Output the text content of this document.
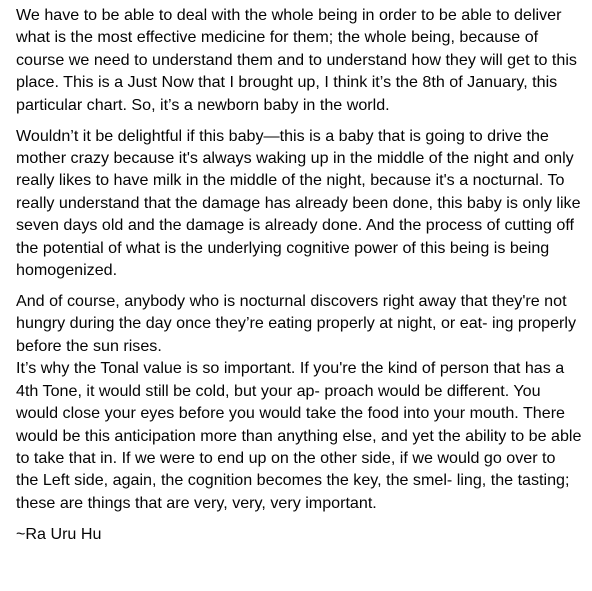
We have to be able to deal with the whole being in order to be able to deliver what is the most effective medicine for them; the whole being, because of course we need to understand them and to understand how they will get to this place. This is a Just Now that I brought up, I think it’s the 8th of January, this particular chart. So, it’s a newborn baby in the world.

Wouldn’t it be delightful if this baby—this is a baby that is going to drive the mother crazy because it's always waking up in the middle of the night and only really likes to have milk in the middle of the night, because it's a nocturnal. To really understand that the damage has already been done, this baby is only like seven days old and the damage is already done. And the process of cutting off the potential of what is the underlying cognitive power of this being is being homogenized.

And of course, anybody who is nocturnal discovers right away that they're not hungry during the day once they’re eating properly at night, or eat- ing properly before the sun rises.

It’s why the Tonal value is so important. If you're the kind of person that has a 4th Tone, it would still be cold, but your ap- proach would be different. You would close your eyes before you would take the food into your mouth. There would be this anticipation more than anything else, and yet the ability to be able to take that in. If we were to end up on the other side, if we would go over to the Left side, again, the cognition becomes the key, the smel- ling, the tasting; these are things that are very, very, very important.

~Ra Uru Hu
